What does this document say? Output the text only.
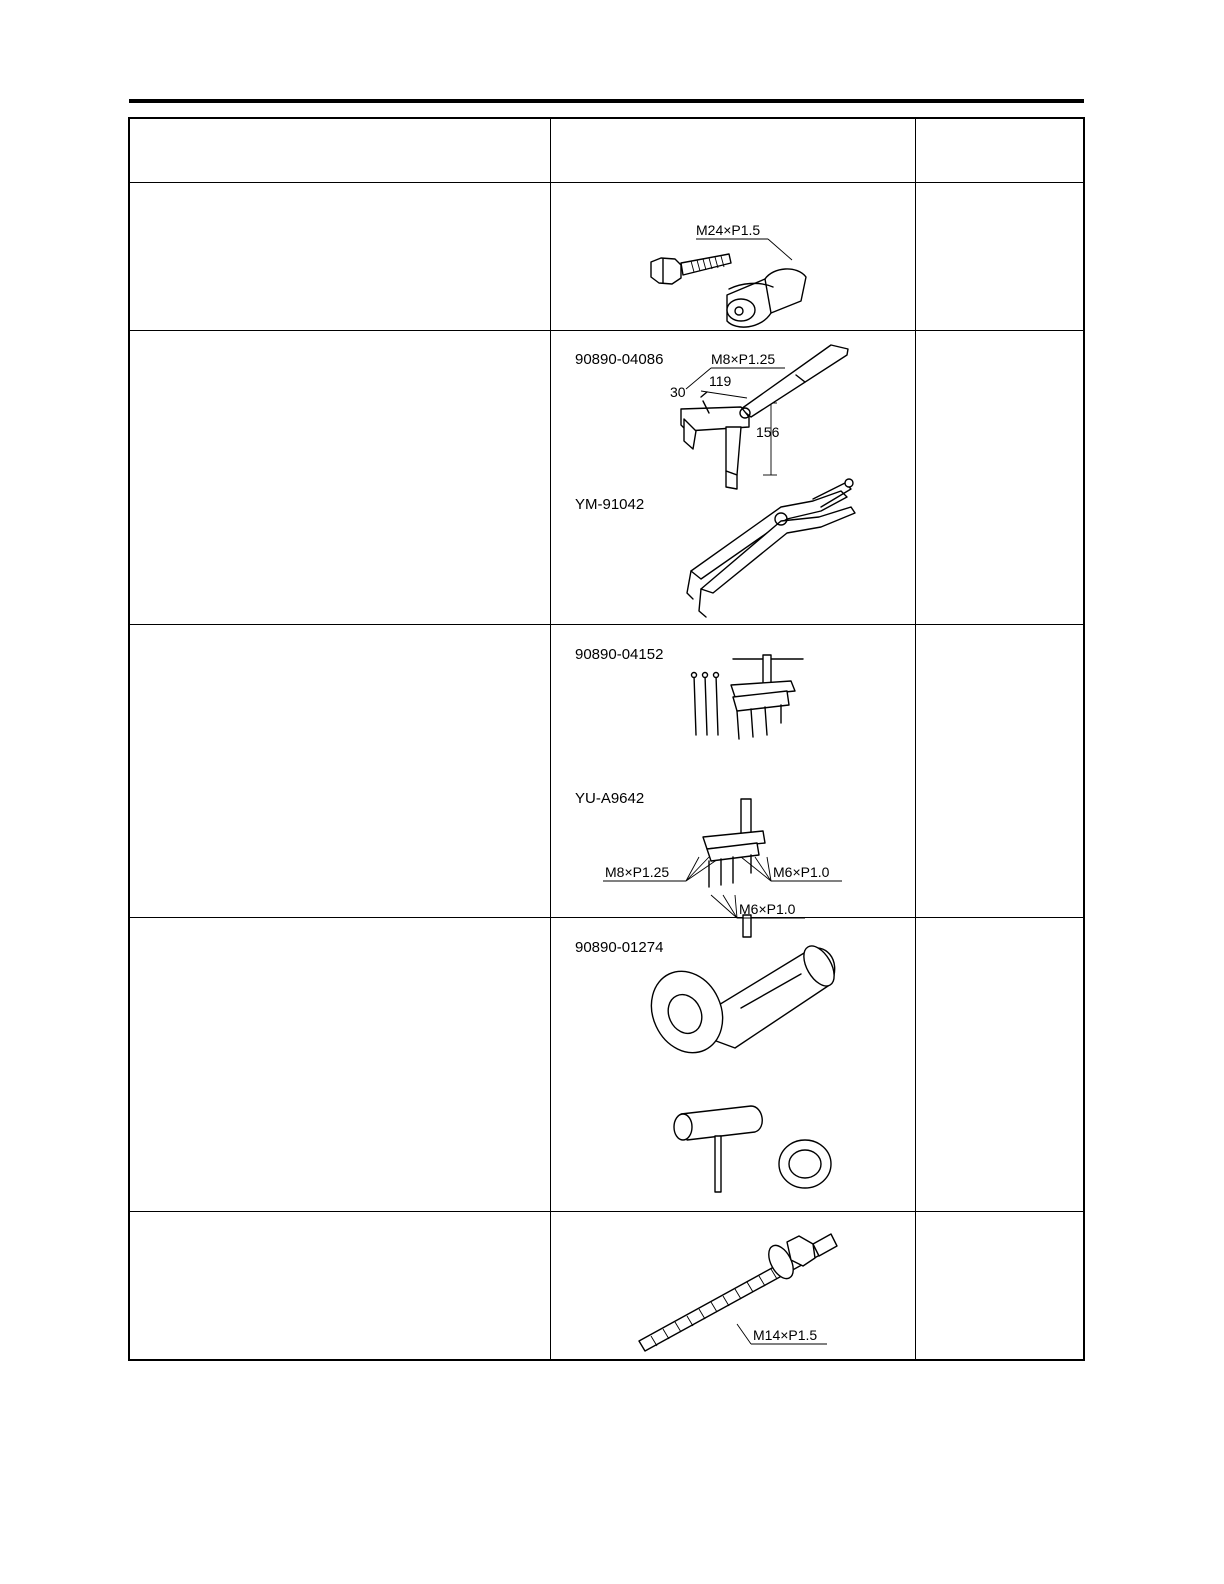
M24×P1.5
90890-04086
YM-91042
M8×P1.25
30
119
156
90890-04152
YU-A9642
M8×P1.25	M6×P1.0
M6×P1.0
90890-01274
M14×P1.5
